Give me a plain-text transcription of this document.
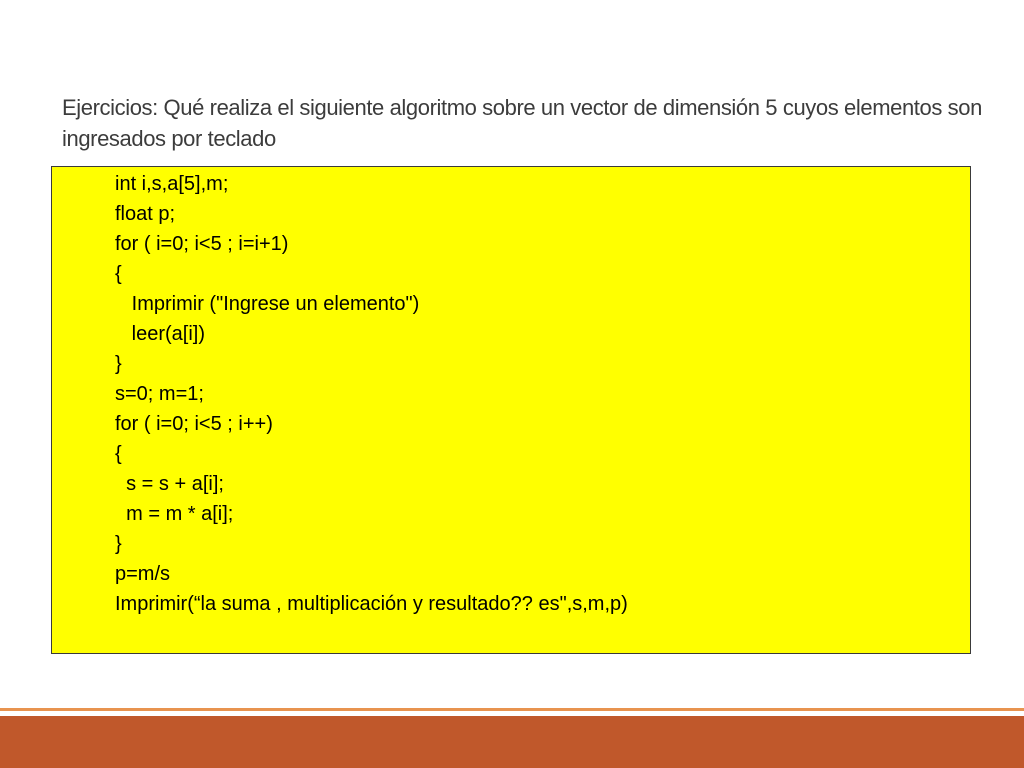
Ejercicios: Qué realiza el siguiente algoritmo sobre un vector de dimensión 5 cuyos elementos son ingresados por teclado
int i,s,a[5],m;
float p;
for ( i=0; i<5 ; i=i+1)
{
Imprimir ("Ingrese un elemento")
leer(a[i])
}
s=0; m=1;
for ( i=0; i<5 ; i++)
{
s = s + a[i];
m = m * a[i];
}
p=m/s
Imprimir(“la suma , multiplicación y resultado?? es",s,m,p)
